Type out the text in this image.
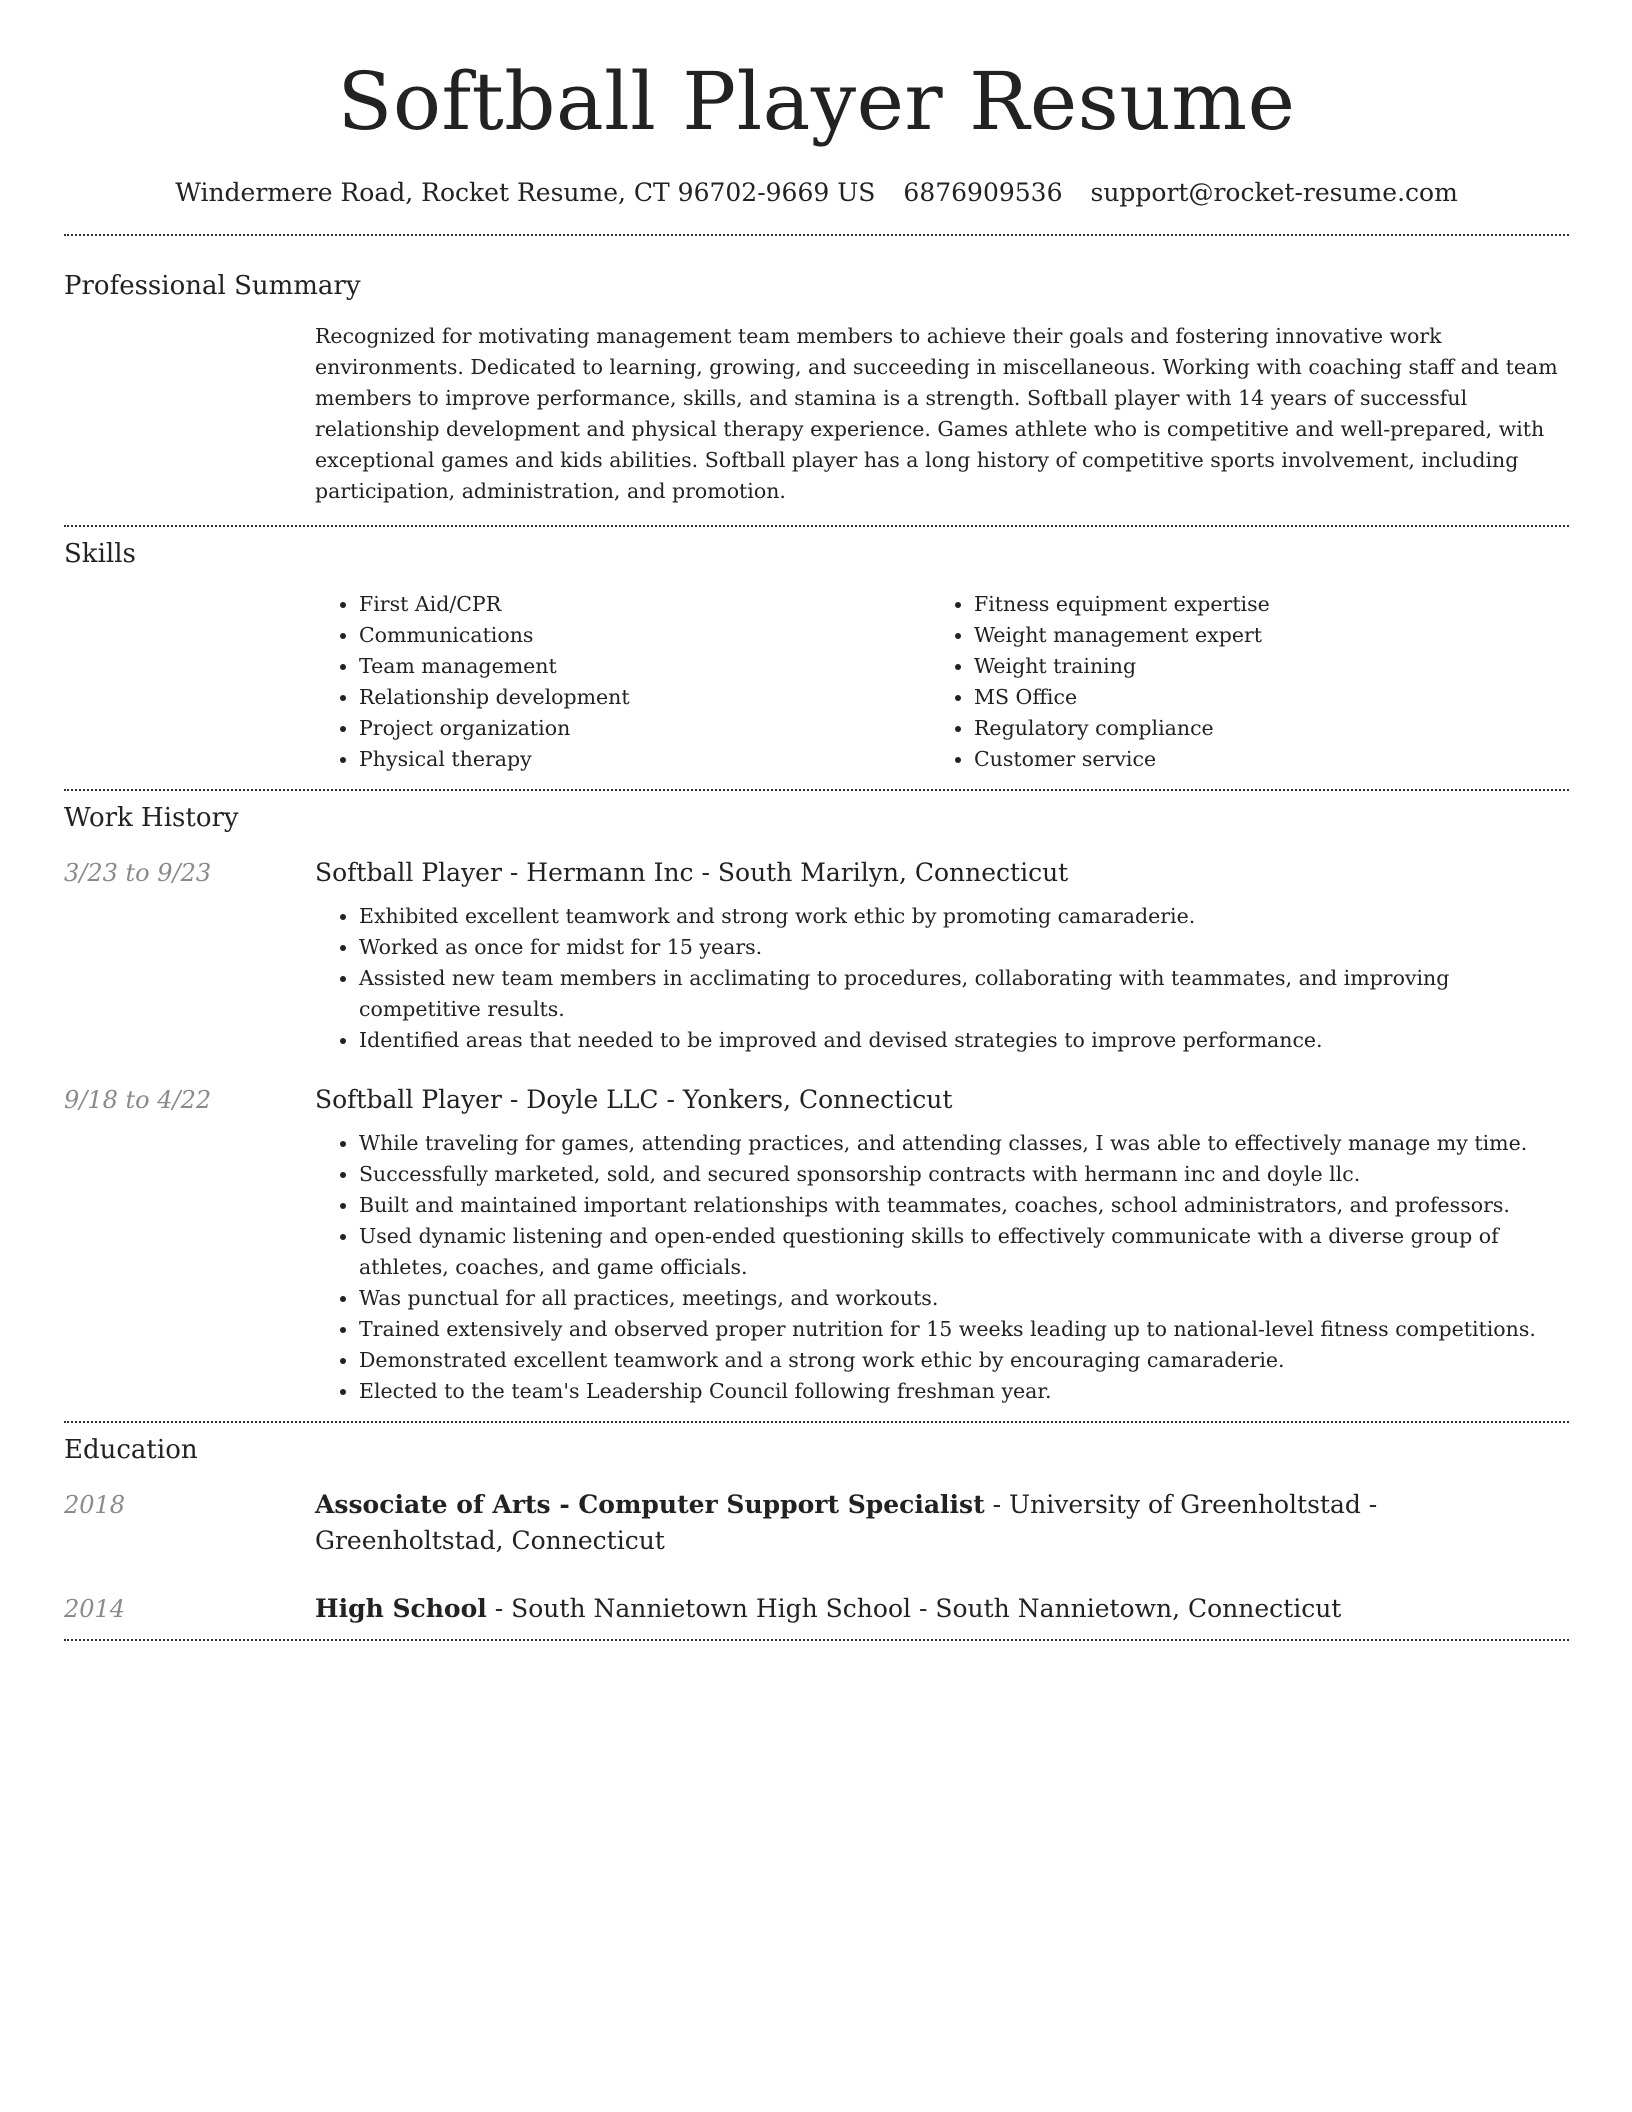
Softball Player Resume
Windermere Road, Rocket Resume, CT 96702-9669 US 6876909536 support@rocket-resume.com
Professional Summary

Recognized for motivating management team members to achieve their goals and fostering innovative work environments. Dedicated to learning, growing, and succeeding in miscellaneous. Working with coaching staff and team members to improve performance, skills, and stamina is a strength. Softball player with 14 years of successful relationship development and physical therapy experience. Games athlete who is competitive and well-prepared, with exceptional games and kids abilities. Softball player has a long history of competitive sports involvement, including participation, administration, and promotion.

Skills
• First Aid/CPR
• Communications
• Team management
• Relationship development
• Project organization
• Physical therapy
• Fitness equipment expertise
• Weight management expert
• Weight training
• MS Office
• Regulatory compliance
• Customer service
Work History
3/23 to 9/23	Softball Player - Hermann Inc - South Marilyn, Connecticut

• Exhibited excellent teamwork and strong work ethic by promoting camaraderie.
• Worked as once for midst for 15 years.
• Assisted new team members in acclimating to procedures, collaborating with teammates, and improving competitive results.
• Identified areas that needed to be improved and devised strategies to improve performance.
9/18 to 4/22	Softball Player - Doyle LLC - Yonkers, Connecticut

• While traveling for games, attending practices, and attending classes, I was able to effectively manage my time.
• Successfully marketed, sold, and secured sponsorship contracts with hermann inc and doyle llc.
• Built and maintained important relationships with teammates, coaches, school administrators, and professors.
• Used dynamic listening and open-ended questioning skills to effectively communicate with a diverse group of athletes, coaches, and game officials.
• Was punctual for all practices, meetings, and workouts.
• Trained extensively and observed proper nutrition for 15 weeks leading up to national-level fitness competitions.
• Demonstrated excellent teamwork and a strong work ethic by encouraging camaraderie.
• Elected to the team's Leadership Council following freshman year.
Education
2018	Associate of Arts - Computer Support Specialist - University of Greenholtstad - Greenholtstad, Connecticut

2014	High School - South Nannietown High School - South Nannietown, Connecticut
